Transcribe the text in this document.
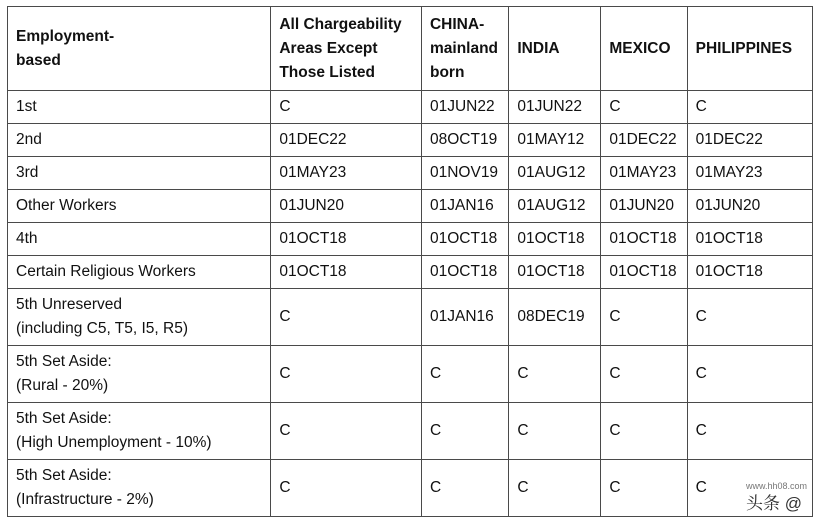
Employment-
based	All Chargeability
Areas Except
Those Listed	CHINA-
mainland
born	INDIA	MEXICO	PHILIPPINES

1st	C	01JUN22	01JUN22	C	C

2nd	01DEC22	08OCT19	01MAY12	01DEC22	01DEC22

3rd	01MAY23	01NOV19	01AUG12	01MAY23	01MAY23

Other Workers	01JUN20	01JAN16	01AUG12	01JUN20	01JUN20

4th	01OCT18	01OCT18	01OCT18	01OCT18	01OCT18

Certain Religious Workers	01OCT18	01OCT18	01OCT18	01OCT18	01OCT18

5th Unreserved
(including C5, T5, I5, R5)	C	01JAN16	08DEC19	C	C

5th Set Aside:
(Rural - 20%)	C	C	C	C	C

5th Set Aside:
(High Unemployment - 10%)	C	C	C	C	C

5th Set Aside:
(Infrastructure - 2%)	C	C	C	C	C	www.hh08.com
头条 @
